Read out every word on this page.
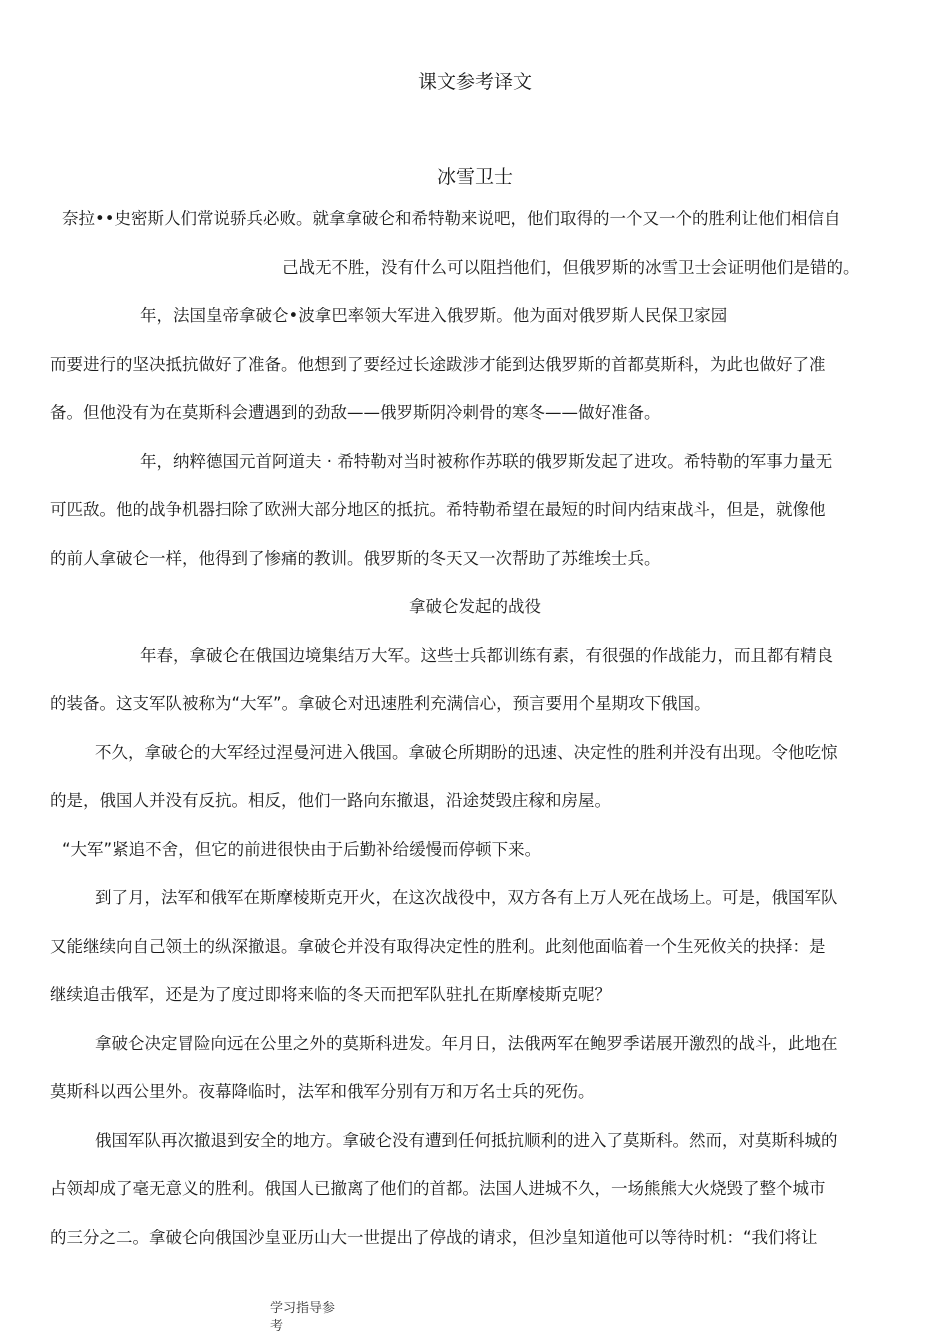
课文参考译文
冰雪卫士
奈拉••史密斯人们常说骄兵必败。就拿拿破仑和希特勒来说吧，他们取得的一个又一个的胜利让他们相信自
己战无不胜，没有什么可以阻挡他们，但俄罗斯的冰雪卫士会证明他们是错的。
年，法国皇帝拿破仑•波拿巴率领大军进入俄罗斯。他为面对俄罗斯人民保卫家园
而要进行的坚决抵抗做好了准备。他想到了要经过长途跋涉才能到达俄罗斯的首都莫斯科，为此也做好了准
备。但他没有为在莫斯科会遭遇到的劲敌——俄罗斯阴冷刺骨的寒冬——做好准备。
年，纳粹德国元首阿道夫 · 希特勒对当时被称作苏联的俄罗斯发起了进攻。希特勒的军事力量无
可匹敌。他的战争机器扫除了欧洲大部分地区的抵抗。希特勒希望在最短的时间内结束战斗，但是，就像他
的前人拿破仑一样，他得到了惨痛的教训。俄罗斯的冬天又一次帮助了苏维埃士兵。
拿破仑发起的战役
年春，拿破仑在俄国边境集结万大军。这些士兵都训练有素，有很强的作战能力，而且都有精良
的装备。这支军队被称为“大军”。拿破仑对迅速胜利充满信心，预言要用个星期攻下俄国。
不久，拿破仑的大军经过涅曼河进入俄国。拿破仑所期盼的迅速、决定性的胜利并没有出现。令他吃惊
的是，俄国人并没有反抗。相反，他们一路向东撤退，沿途焚毁庄稼和房屋。
“大军”紧追不舍，但它的前进很快由于后勤补给缓慢而停顿下来。
到了月，法军和俄军在斯摩棱斯克开火，在这次战役中，双方各有上万人死在战场上。可是，俄国军队
又能继续向自己领土的纵深撤退。拿破仑并没有取得决定性的胜利。此刻他面临着一个生死攸关的抉择：是
继续追击俄军，还是为了度过即将来临的冬天而把军队驻扎在斯摩棱斯克呢？
拿破仑决定冒险向远在公里之外的莫斯科进发。年月日，法俄两军在鲍罗季诺展开激烈的战斗，此地在
莫斯科以西公里外。夜幕降临时，法军和俄军分别有万和万名士兵的死伤。
俄国军队再次撤退到安全的地方。拿破仑没有遭到任何抵抗顺利的进入了莫斯科。然而，对莫斯科城的
占领却成了毫无意义的胜利。俄国人已撤离了他们的首都。法国人进城不久，一场熊熊大火烧毁了整个城市
的三分之二。拿破仑向俄国沙皇亚历山大一世提出了停战的请求，但沙皇知道他可以等待时机：“我们将让
学习指导参
考
